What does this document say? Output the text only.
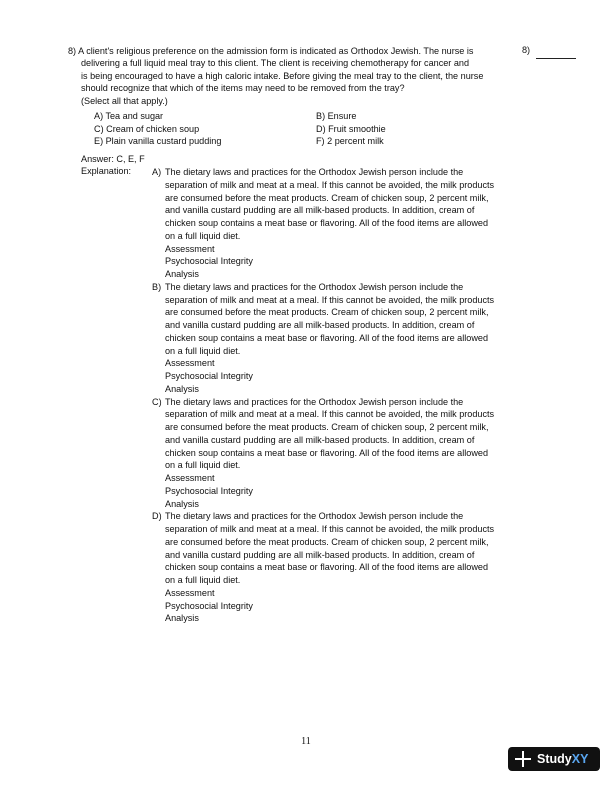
8) A client's religious preference on the admission form is indicated as Orthodox Jewish. The nurse is
delivering a full liquid meal tray to this client. The client is receiving chemotherapy for cancer and
is being encouraged to have a high caloric intake. Before giving the meal tray to the client, the nurse
should recognize that which of the items may need to be removed from the tray?
(Select all that apply.)
8)
A) Tea and sugar	B) Ensure
C) Cream of chicken soup	D) Fruit smoothie
E) Plain vanilla custard pudding	F) 2 percent milk
Answer: C, E, F
Explanation: A) The dietary laws and practices for the Orthodox Jewish person include the
separation of milk and meat at a meal. If this cannot be avoided, the milk products
are consumed before the meat products. Cream of chicken soup, 2 percent milk,
and vanilla custard pudding are all milk-based products. In addition, cream of
chicken soup contains a meat base or flavoring. All of the food items are allowed
on a full liquid diet.
Assessment
Psychosocial Integrity
Analysis
B) The dietary laws and practices for the Orthodox Jewish person include the
separation of milk and meat at a meal. If this cannot be avoided, the milk products
are consumed before the meat products. Cream of chicken soup, 2 percent milk,
and vanilla custard pudding are all milk-based products. In addition, cream of
chicken soup contains a meat base or flavoring. All of the food items are allowed
on a full liquid diet.
Assessment
Psychosocial Integrity
Analysis
C) The dietary laws and practices for the Orthodox Jewish person include the
separation of milk and meat at a meal. If this cannot be avoided, the milk products
are consumed before the meat products. Cream of chicken soup, 2 percent milk,
and vanilla custard pudding are all milk-based products. In addition, cream of
chicken soup contains a meat base or flavoring. All of the food items are allowed
on a full liquid diet.
Assessment
Psychosocial Integrity
Analysis
D) The dietary laws and practices for the Orthodox Jewish person include the
separation of milk and meat at a meal. If this cannot be avoided, the milk products
are consumed before the meat products. Cream of chicken soup, 2 percent milk,
and vanilla custard pudding are all milk-based products. In addition, cream of
chicken soup contains a meat base or flavoring. All of the food items are allowed
on a full liquid diet.
Assessment
Psychosocial Integrity
Analysis
11
StudyXY
